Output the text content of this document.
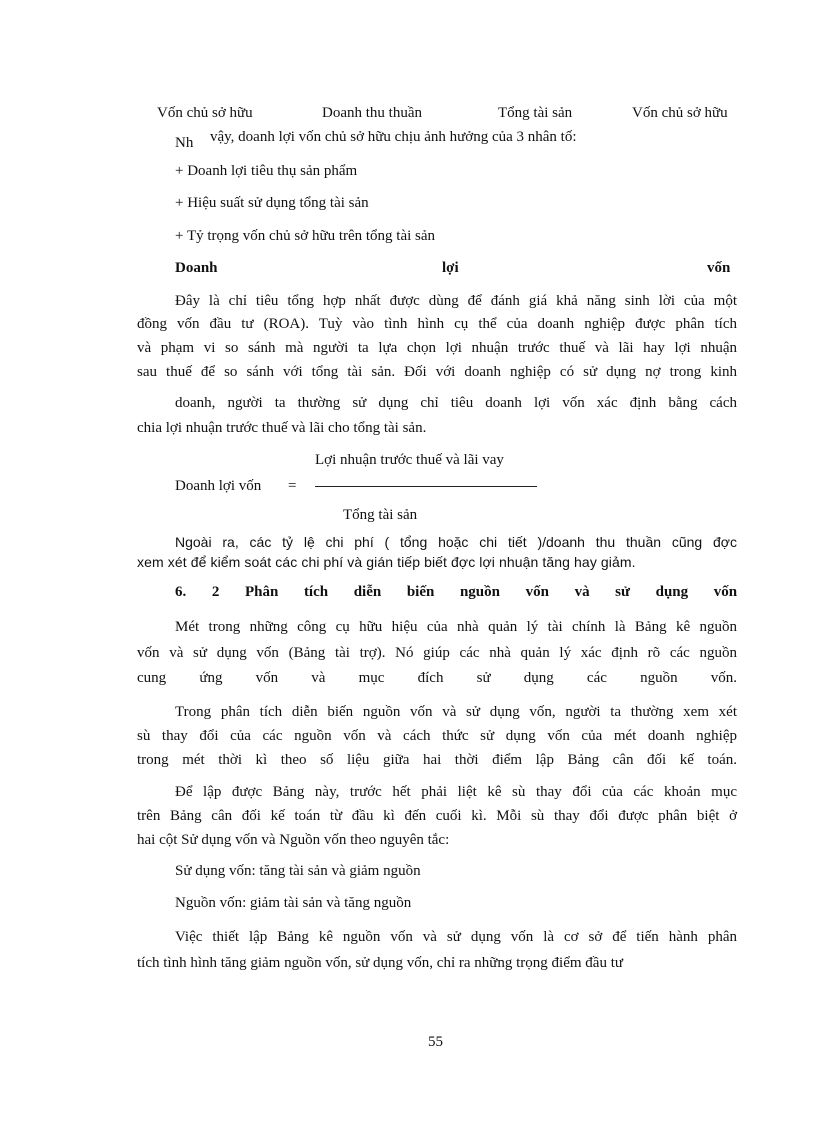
Vốn chủ sở hữu	Doanh thu thuần	Tổng tài sản	Vốn chủ sở hữu
Nh vậy, doanh lợi vốn chủ sở hữu chịu ảnh hưởng của 3 nhân tố:
+ Doanh lợi tiêu thụ sản phẩm
+ Hiệu suất sử dụng tổng tài sản
+ Tỷ trọng vốn chủ sở hữu trên tổng tài sản
Doanh	lợi	vốn
Đây là chỉ tiêu tổng hợp nhất được dùng để đánh giá khả năng sinh lời của một
đồng vốn đầu tư (ROA). Tuỳ vào tình hình cụ thể của doanh nghiệp được phân tích
và phạm vi so sánh mà người ta lựa chọn lợi nhuận trước thuế và lãi hay lợi nhuận
sau thuế để so sánh với tổng tài sản. Đối với doanh nghiệp có sử dụng nợ trong kinh
doanh, người ta thường sử dụng chỉ tiêu doanh lợi vốn xác định bằng cách
chia lợi nhuận trước thuế và lãi cho tổng tài sản.
Lợi nhuận trước thuế và lãi vay
Doanh lợi vốn =
Tổng tài sản
Ngoài ra, các tỷ lệ chi phí ( tổng hoặc chi tiết )/doanh thu thuần cũng đợc
xem xét để kiểm soát các chi phí và gián tiếp biết đợc lợi nhuận tăng hay giảm.
6. 2 Phân tích diễn biến nguồn vốn và sử dụng vốn
Mét trong những công cụ hữu hiệu của nhà quản lý tài chính là Bảng kê nguồn
vốn và sử dụng vốn (Bảng tài trợ). Nó giúp các nhà quản lý xác định rõ các nguồn
cung ứng vốn và mục đích sử dụng các nguồn vốn.
Trong phân tích diễn biến nguồn vốn và sử dụng vốn, người ta thường xem xét
sù thay đổi của các nguồn vốn và cách thức sử dụng vốn của mét doanh nghiệp
trong mét thời kì theo số liệu giữa hai thời điểm lập Bảng cân đối kế toán.
Để lập được Bảng này, trước hết phải liệt kê sù thay đổi của các khoản mục
trên Bảng cân đối kế toán từ đầu kì đến cuối kì. Mỗi sù thay đổi được phân biệt ở
hai cột Sử dụng vốn và Nguồn vốn theo nguyên tắc:
Sử dụng vốn: tăng tài sản và giảm nguồn
Nguồn vốn: giảm tài sản và tăng nguồn
Việc thiết lập Bảng kê nguồn vốn và sử dụng vốn là cơ sở để tiến hành phân
tích tình hình tăng giảm nguồn vốn, sử dụng vốn, chỉ ra những trọng điểm đầu tư
55
